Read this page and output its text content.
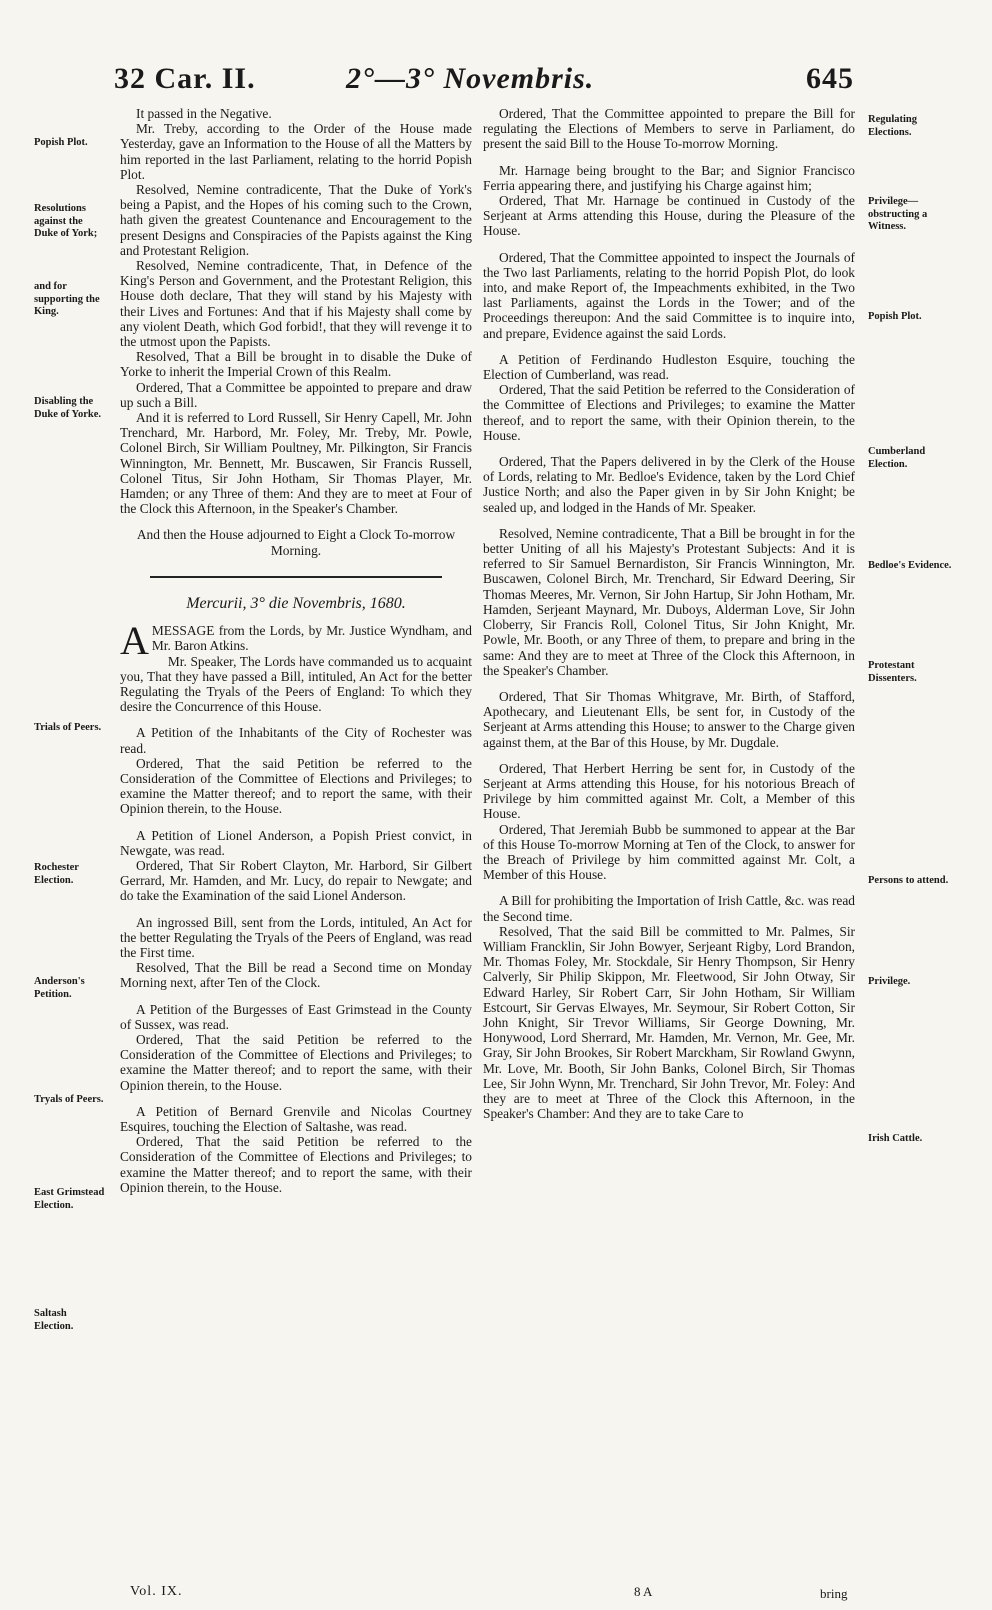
32 Car. II.	2°—3° Novembris.	645

It passed in the Negative.

Mr. Treby, according to the Order of the House made Yesterday, gave an Information to the House of all the Matters by him reported in the last Parliament, relating to the horrid Popish Plot.

Resolved, Nemine contradicente, That the Duke of York's being a Papist, and the Hopes of his coming such to the Crown, hath given the greatest Countenance and Encouragement to the present Designs and Conspiracies of the Papists against the King and Protestant Religion.

Resolved, Nemine contradicente, That, in Defence of the King's Person and Government, and the Protestant Religion, this House doth declare, That they will stand by his Majesty with their Lives and Fortunes: And that if his Majesty shall come by any violent Death, which God forbid!, that they will revenge it to the utmost upon the Papists.

Resolved, That a Bill be brought in to disable the Duke of Yorke to inherit the Imperial Crown of this Realm.

Ordered, That a Committee be appointed to prepare and draw up such a Bill.

And it is referred to Lord Russell, Sir Henry Capell, Mr. John Trenchard, Mr. Harbord, Mr. Foley, Mr. Treby, Mr. Powle, Colonel Birch, Sir William Poultney, Mr. Pilkington, Sir Francis Winnington, Mr. Bennett, Mr. Buscawen, Sir Francis Russell, Colonel Titus, Sir John Hotham, Sir Thomas Player, Mr. Hamden; or any Three of them: And they are to meet at Four of the Clock this Afternoon, in the Speaker's Chamber.

And then the House adjourned to Eight a Clock To-morrow Morning.

Mercurii, 3° die Novembris, 1680.

A MESSAGE from the Lords, by Mr. Justice Wyndham, and Mr. Baron Atkins.

Mr. Speaker, The Lords have commanded us to acquaint you, That they have passed a Bill, intituled, An Act for the better Regulating the Tryals of the Peers of England: To which they desire the Concurrence of this House.

A Petition of the Inhabitants of the City of Rochester was read.

Ordered, That the said Petition be referred to the Consideration of the Committee of Elections and Privileges; to examine the Matter thereof; and to report the same, with their Opinion therein, to the House.

A Petition of Lionel Anderson, a Popish Priest convict, in Newgate, was read.

Ordered, That Sir Robert Clayton, Mr. Harbord, Sir Gilbert Gerrard, Mr. Hamden, and Mr. Lucy, do repair to Newgate; and do take the Examination of the said Lionel Anderson.

An ingrossed Bill, sent from the Lords, intituled, An Act for the better Regulating the Tryals of the Peers of England, was read the First time.

Resolved, That the Bill be read a Second time on Monday Morning next, after Ten of the Clock.

A Petition of the Burgesses of East Grimstead in the County of Sussex, was read.

Ordered, That the said Petition be referred to the Consideration of the Committee of Elections and Privileges; to examine the Matter thereof; and to report the same, with their Opinion therein, to the House.

A Petition of Bernard Grenvile and Nicolas Courtney Esquires, touching the Election of Saltashe, was read.

Ordered, That the said Petition be referred to the Consideration of the Committee of Elections and Privileges; to examine the Matter thereof; and to report the same, with their Opinion therein, to the House.

Ordered, That the Committee appointed to prepare the Bill for regulating the Elections of Members to serve in Parliament, do present the said Bill to the House To-morrow Morning.

Mr. Harnage being brought to the Bar; and Signior Francisco Ferria appearing there, and justifying his Charge against him;

Ordered, That Mr. Harnage be continued in Custody of the Serjeant at Arms attending this House, during the Pleasure of the House.

Ordered, That the Committee appointed to inspect the Journals of the Two last Parliaments, relating to the horrid Popish Plot, do look into, and make Report of, the Impeachments exhibited, in the Two last Parliaments, against the Lords in the Tower; and of the Proceedings thereupon: And the said Committee is to inquire into, and prepare, Evidence against the said Lords.

A Petition of Ferdinando Hudleston Esquire, touching the Election of Cumberland, was read.

Ordered, That the said Petition be referred to the Consideration of the Committee of Elections and Privileges; to examine the Matter thereof, and to report the same, with their Opinion therein, to the House.

Ordered, That the Papers delivered in by the Clerk of the House of Lords, relating to Mr. Bedloe's Evidence, taken by the Lord Chief Justice North; and also the Paper given in by Sir John Knight; be sealed up, and lodged in the Hands of Mr. Speaker.

Resolved, Nemine contradicente, That a Bill be brought in for the better Uniting of all his Majesty's Protestant Subjects: And it is referred to Sir Samuel Bernardiston, Sir Francis Winnington, Mr. Buscawen, Colonel Birch, Mr. Trenchard, Sir Edward Deering, Sir Thomas Meeres, Mr. Vernon, Sir John Hartup, Sir John Hotham, Mr. Hamden, Serjeant Maynard, Mr. Duboys, Alderman Love, Sir John Cloberry, Sir Francis Roll, Colonel Titus, Sir John Knight, Mr. Powle, Mr. Booth, or any Three of them, to prepare and bring in the same: And they are to meet at Three of the Clock this Afternoon, in the Speaker's Chamber.

Ordered, That Sir Thomas Whitgrave, Mr. Birth, of Stafford, Apothecary, and Lieutenant Ells, be sent for, in Custody of the Serjeant at Arms attending this House; to answer to the Charge given against them, at the Bar of this House, by Mr. Dugdale.

Ordered, That Herbert Herring be sent for, in Custody of the Serjeant at Arms attending this House, for his notorious Breach of Privilege by him committed against Mr. Colt, a Member of this House.

Ordered, That Jeremiah Bubb be summoned to appear at the Bar of this House To-morrow Morning at Ten of the Clock, to answer for the Breach of Privilege by him committed against Mr. Colt, a Member of this House.

A Bill for prohibiting the Importation of Irish Cattle, &c. was read the Second time.

Resolved, That the said Bill be committed to Mr. Palmes, Sir William Francklin, Sir John Bowyer, Serjeant Rigby, Lord Brandon, Mr. Thomas Foley, Mr. Stockdale, Sir Henry Thompson, Sir Henry Calverly, Sir Philip Skippon, Mr. Fleetwood, Sir John Otway, Sir Edward Harley, Sir Robert Carr, Sir John Hotham, Sir William Estcourt, Sir Gervas Elwayes, Mr. Seymour, Sir Robert Cotton, Sir John Knight, Sir Trevor Williams, Sir George Downing, Mr. Honywood, Lord Sherrard, Mr. Hamden, Mr. Vernon, Mr. Gee, Mr. Gray, Sir John Brookes, Sir Robert Marckham, Sir Rowland Gwynn, Mr. Love, Mr. Booth, Sir John Banks, Colonel Birch, Sir Thomas Lee, Sir John Wynn, Mr. Trenchard, Sir John Trevor, Mr. Foley: And they are to meet at Three of the Clock this Afternoon, in the Speaker's Chamber: And they are to take Care to

Popish Plot.
Resolutions against the Duke of York;
and for supporting the King.
Disabling the Duke of Yorke.
Trials of Peers.
Rochester Election.
Anderson's Petition.
Tryals of Peers.
East Grimstead Election.
Saltash Election.
Regulating Elections.
Privilege—obstructing a Witness.
Popish Plot.
Cumberland Election.
Bedloe's Evidence.
Protestant Dissenters.
Persons to attend.
Privilege.
Irish Cattle.
Vol. IX.	8 A	bring
